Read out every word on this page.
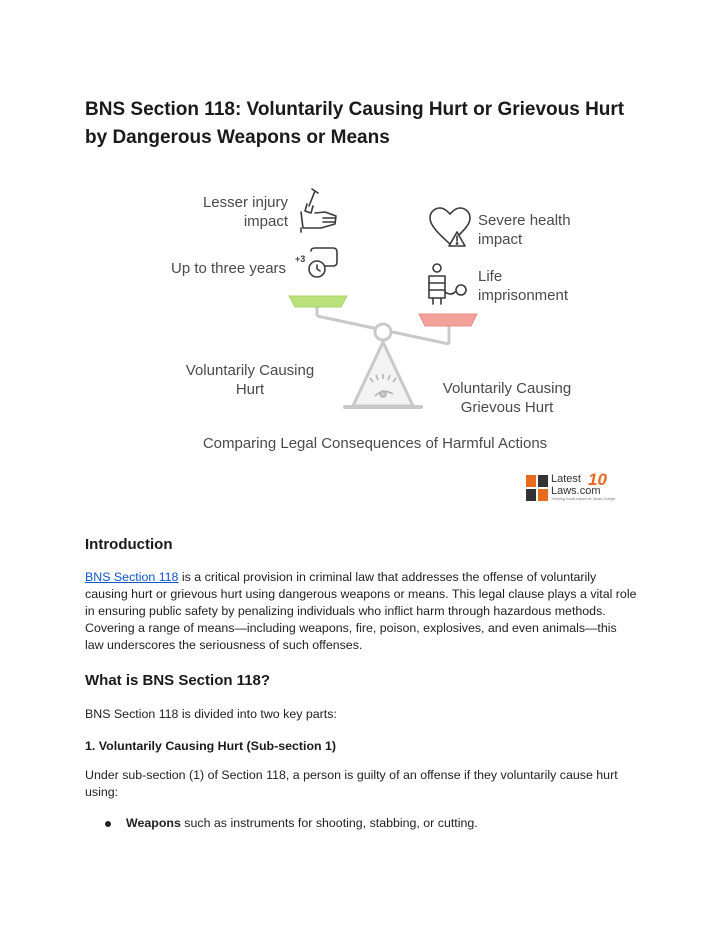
BNS Section 118: Voluntarily Causing Hurt or Grievous Hurt by Dangerous Weapons or Means
+3
Lesser injury
impact
Up to three years
Voluntarily Causing
Hurt
Severe health
impact
Life
imprisonment
Voluntarily Causing
Grievous Hurt
Comparing Legal Consequences of Harmful Actions
Latest
Laws.com
10
Trending Social Impact for Smart Change
Introduction

BNS Section 118 is a critical provision in criminal law that addresses the offense of voluntarily causing hurt or grievous hurt using dangerous weapons or means. This legal clause plays a vital role in ensuring public safety by penalizing individuals who inflict harm through hazardous methods. Covering a range of means—including weapons, fire, poison, explosives, and even animals—this law underscores the seriousness of such offenses.

What is BNS Section 118?

BNS Section 118 is divided into two key parts:

1. Voluntarily Causing Hurt (Sub-section 1)

Under sub-section (1) of Section 118, a person is guilty of an offense if they voluntarily cause hurt using:

Weapons such as instruments for shooting, stabbing, or cutting.
